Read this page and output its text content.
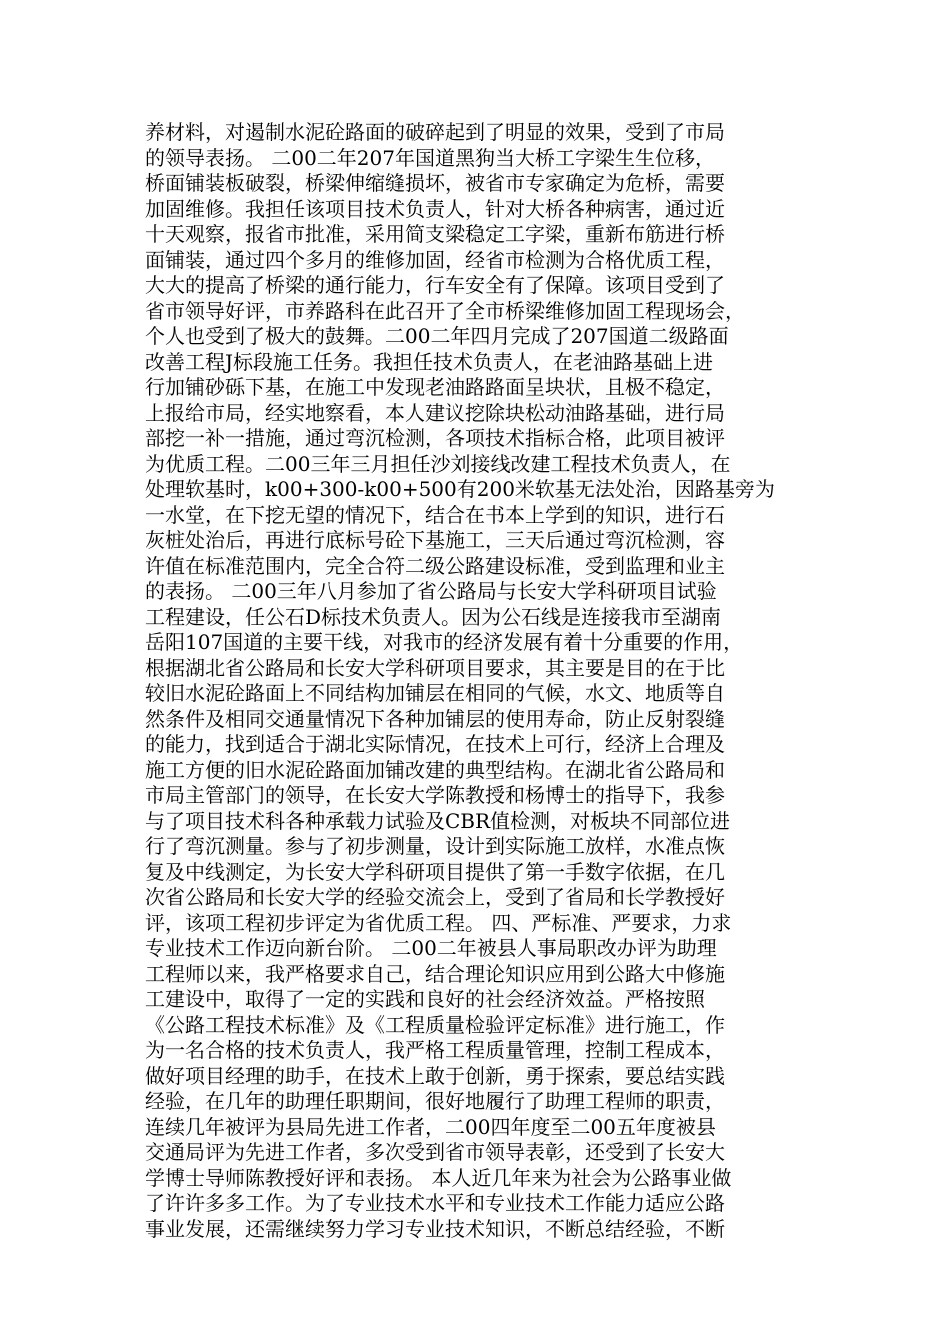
养材料，对遏制水泥砼路面的破碎起到了明显的效果，受到了市局
的领导表扬。 二00二年207年国道黑狗当大桥工字梁生生位移，
桥面铺装板破裂，桥梁伸缩缝损坏，被省市专家确定为危桥，需要
加固维修。我担任该项目技术负责人，针对大桥各种病害，通过近
十天观察，报省市批准，采用简支梁稳定工字梁，重新布筋进行桥
面铺装，通过四个多月的维修加固，经省市检测为合格优质工程，
大大的提高了桥梁的通行能力，行车安全有了保障。该项目受到了
省市领导好评，市养路科在此召开了全市桥梁维修加固工程现场会，
个人也受到了极大的鼓舞。二00二年四月完成了207国道二级路面
改善工程J标段施工任务。我担任技术负责人，在老油路基础上进
行加铺砂砾下基，在施工中发现老油路路面呈块状，且极不稳定，
上报给市局，经实地察看，本人建议挖除块松动油路基础，进行局
部挖一补一措施，通过弯沉检测，各项技术指标合格，此项目被评
为优质工程。二00三年三月担任沙刘接线改建工程技术负责人，在
处理软基时，k00+300-k00+500有200米软基无法处治，因路基旁为
一水堂，在下挖无望的情况下，结合在书本上学到的知识，进行石
灰桩处治后，再进行底标号砼下基施工，三天后通过弯沉检测，容
许值在标准范围内，完全合符二级公路建设标准，受到监理和业主
的表扬。 二00三年八月参加了省公路局与长安大学科研项目试验
工程建设，任公石D标技术负责人。因为公石线是连接我市至湖南
岳阳107国道的主要干线，对我市的经济发展有着十分重要的作用，
根据湖北省公路局和长安大学科研项目要求，其主要是目的在于比
较旧水泥砼路面上不同结构加铺层在相同的气候，水文、地质等自
然条件及相同交通量情况下各种加铺层的使用寿命，防止反射裂缝
的能力，找到适合于湖北实际情况，在技术上可行，经济上合理及
施工方便的旧水泥砼路面加铺改建的典型结构。在湖北省公路局和
市局主管部门的领导，在长安大学陈教授和杨博士的指导下，我参
与了项目技术科各种承载力试验及CBR值检测，对板块不同部位进
行了弯沉测量。参与了初步测量，设计到实际施工放样，水准点恢
复及中线测定，为长安大学科研项目提供了第一手数字依据，在几
次省公路局和长安大学的经验交流会上，受到了省局和长学教授好
评，该项工程初步评定为省优质工程。 四、严标准、严要求，力求
专业技术工作迈向新台阶。 二00二年被县人事局职改办评为助理
工程师以来，我严格要求自己，结合理论知识应用到公路大中修施
工建设中，取得了一定的实践和良好的社会经济效益。严格按照
《公路工程技术标准》及《工程质量检验评定标准》进行施工，作
为一名合格的技术负责人，我严格工程质量管理，控制工程成本，
做好项目经理的助手，在技术上敢于创新，勇于探索，要总结实践
经验，在几年的助理任职期间，很好地履行了助理工程师的职责，
连续几年被评为县局先进工作者，二00四年度至二00五年度被县
交通局评为先进工作者，多次受到省市领导表彰，还受到了长安大
学博士导师陈教授好评和表扬。 本人近几年来为社会为公路事业做
了许许多多工作。为了专业技术水平和专业技术工作能力适应公路
事业发展，还需继续努力学习专业技术知识，不断总结经验，不断
